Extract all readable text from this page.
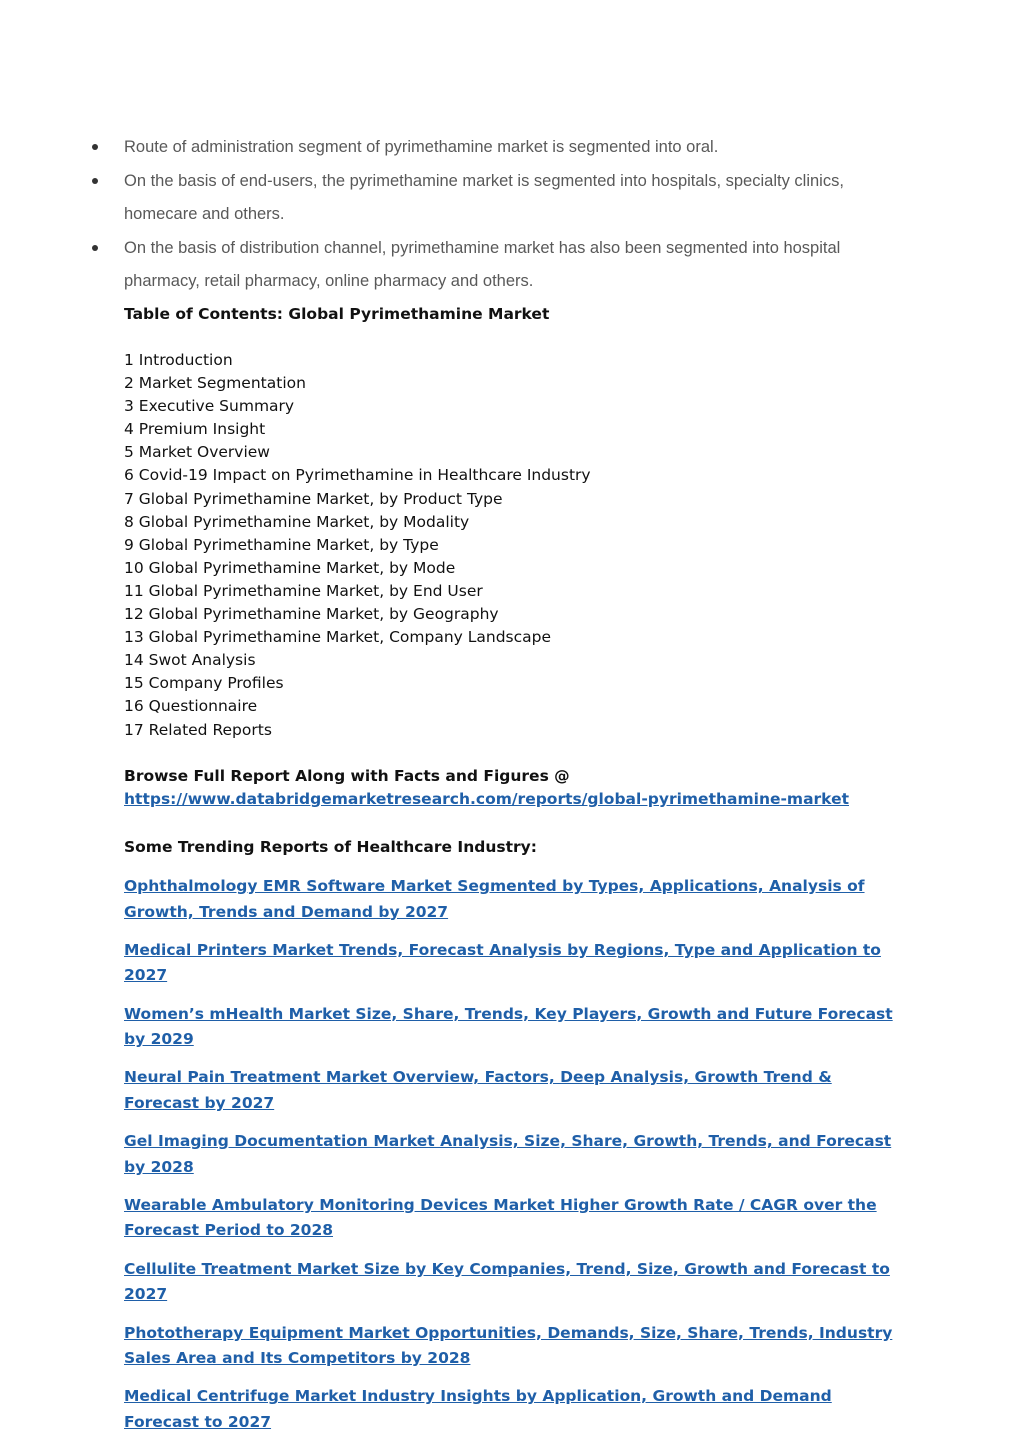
Route of administration segment of pyrimethamine market is segmented into oral.
On the basis of end-users, the pyrimethamine market is segmented into hospitals, specialty clinics, homecare and others.
On the basis of distribution channel, pyrimethamine market has also been segmented into hospital pharmacy, retail pharmacy, online pharmacy and others.
Table of Contents: Global Pyrimethamine Market
1 Introduction
2 Market Segmentation
3 Executive Summary
4 Premium Insight
5 Market Overview
6 Covid-19 Impact on Pyrimethamine in Healthcare Industry
7 Global Pyrimethamine Market, by Product Type
8 Global Pyrimethamine Market, by Modality
9 Global Pyrimethamine Market, by Type
10 Global Pyrimethamine Market, by Mode
11 Global Pyrimethamine Market, by End User
12 Global Pyrimethamine Market, by Geography
13 Global Pyrimethamine Market, Company Landscape
14 Swot Analysis
15 Company Profiles
16 Questionnaire
17 Related Reports
Browse Full Report Along with Facts and Figures @
https://www.databridgemarketresearch.com/reports/global-pyrimethamine-market
Some Trending Reports of Healthcare Industry:
Ophthalmology EMR Software Market Segmented by Types, Applications, Analysis of Growth, Trends and Demand by 2027
Medical Printers Market Trends, Forecast Analysis by Regions, Type and Application to 2027
Women’s mHealth Market Size, Share, Trends, Key Players, Growth and Future Forecast by 2029
Neural Pain Treatment Market Overview, Factors, Deep Analysis, Growth Trend & Forecast by 2027
Gel Imaging Documentation Market Analysis, Size, Share, Growth, Trends, and Forecast by 2028
Wearable Ambulatory Monitoring Devices Market Higher Growth Rate / CAGR over the Forecast Period to 2028
Cellulite Treatment Market Size by Key Companies, Trend, Size, Growth and Forecast to 2027
Phototherapy Equipment Market Opportunities, Demands, Size, Share, Trends, Industry Sales Area and Its Competitors by 2028
Medical Centrifuge Market Industry Insights by Application, Growth and Demand Forecast to 2027
